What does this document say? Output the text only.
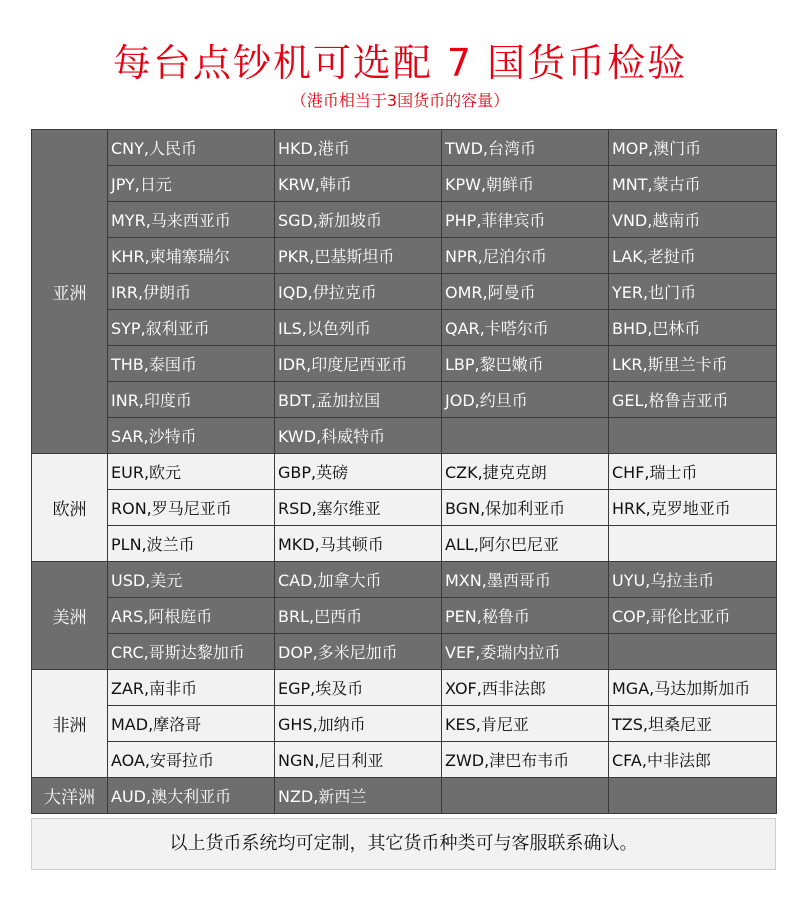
每台点钞机可选配 7 国货币检验
（港币相当于3国货币的容量）
亚洲	CNY,人民币	HKD,港币	TWD,台湾币	MOP,澳门币
	JPY,日元	KRW,韩币	KPW,朝鲜币	MNT,蒙古币
	MYR,马来西亚币	SGD,新加坡币	PHP,菲律宾币	VND,越南币
	KHR,柬埔寨瑞尔	PKR,巴基斯坦币	NPR,尼泊尔币	LAK,老挝币
	IRR,伊朗币	IQD,伊拉克币	OMR,阿曼币	YER,也门币
	SYP,叙利亚币	ILS,以色列币	QAR,卡嗒尔币	BHD,巴林币
	THB,泰国币	IDR,印度尼西亚币	LBP,黎巴嫩币	LKR,斯里兰卡币
	INR,印度币	BDT,孟加拉国	JOD,约旦币	GEL,格鲁吉亚币
	SAR,沙特币	KWD,科威特币		
欧洲	EUR,欧元	GBP,英磅	CZK,捷克克朗	CHF,瑞士币
	RON,罗马尼亚币	RSD,塞尔维亚	BGN,保加利亚币	HRK,克罗地亚币
	PLN,波兰币	MKD,马其顿币	ALL,阿尔巴尼亚	
美洲	USD,美元	CAD,加拿大币	MXN,墨西哥币	UYU,乌拉圭币
	ARS,阿根庭币	BRL,巴西币	PEN,秘鲁币	COP,哥伦比亚币
	CRC,哥斯达黎加币	DOP,多米尼加币	VEF,委瑞内拉币	
非洲	ZAR,南非币	EGP,埃及币	XOF,西非法郎	MGA,马达加斯加币
	MAD,摩洛哥	GHS,加纳币	KES,肯尼亚	TZS,坦桑尼亚
	AOA,安哥拉币	NGN,尼日利亚	ZWD,津巴布韦币	CFA,中非法郎
大洋洲	AUD,澳大利亚币	NZD,新西兰		
以上货币系统均可定制，其它货币种类可与客服联系确认。
